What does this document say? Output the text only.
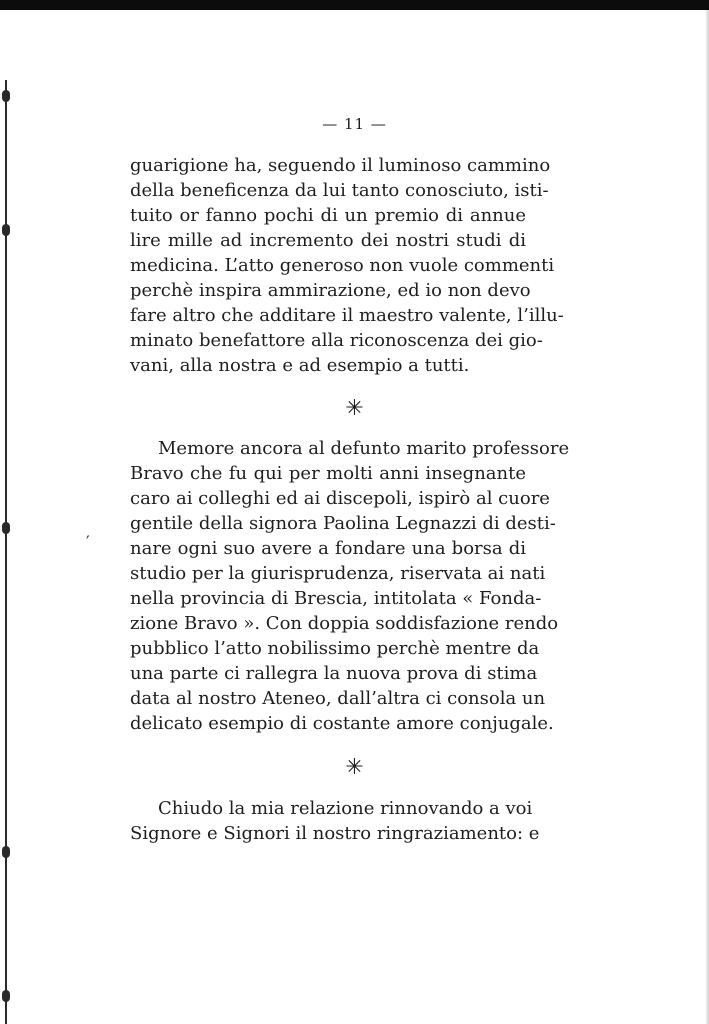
— 11 —
guarigione ha, seguendo il luminoso cammino
della beneficenza da lui tanto conosciuto, isti-
tuito or fanno pochi di un premio di annue
lire mille ad incremento dei nostri studi di
medicina. L’atto generoso non vuole commenti
perchè inspira ammirazione, ed io non devo
fare altro che additare il maestro valente, l’illu-
minato benefattore alla riconoscenza dei gio-
vani, alla nostra e ad esempio a tutti.
✳
Memore ancora al defunto marito professore
Bravo che fu qui per molti anni insegnante
caro ai colleghi ed ai discepoli, ispirò al cuore
gentile della signora Paolina Legnazzi di desti-
nare ogni suo avere a fondare una borsa di
studio per la giurisprudenza, riservata ai nati
nella provincia di Brescia, intitolata « Fonda-
zione Bravo ». Con doppia soddisfazione rendo
pubblico l’atto nobilissimo perchè mentre da
una parte ci rallegra la nuova prova di stima
data al nostro Ateneo, dall’altra ci consola un
delicato esempio di costante amore conjugale.
✳
Chiudo la mia relazione rinnovando a voi
Signore e Signori il nostro ringraziamento: e
′
